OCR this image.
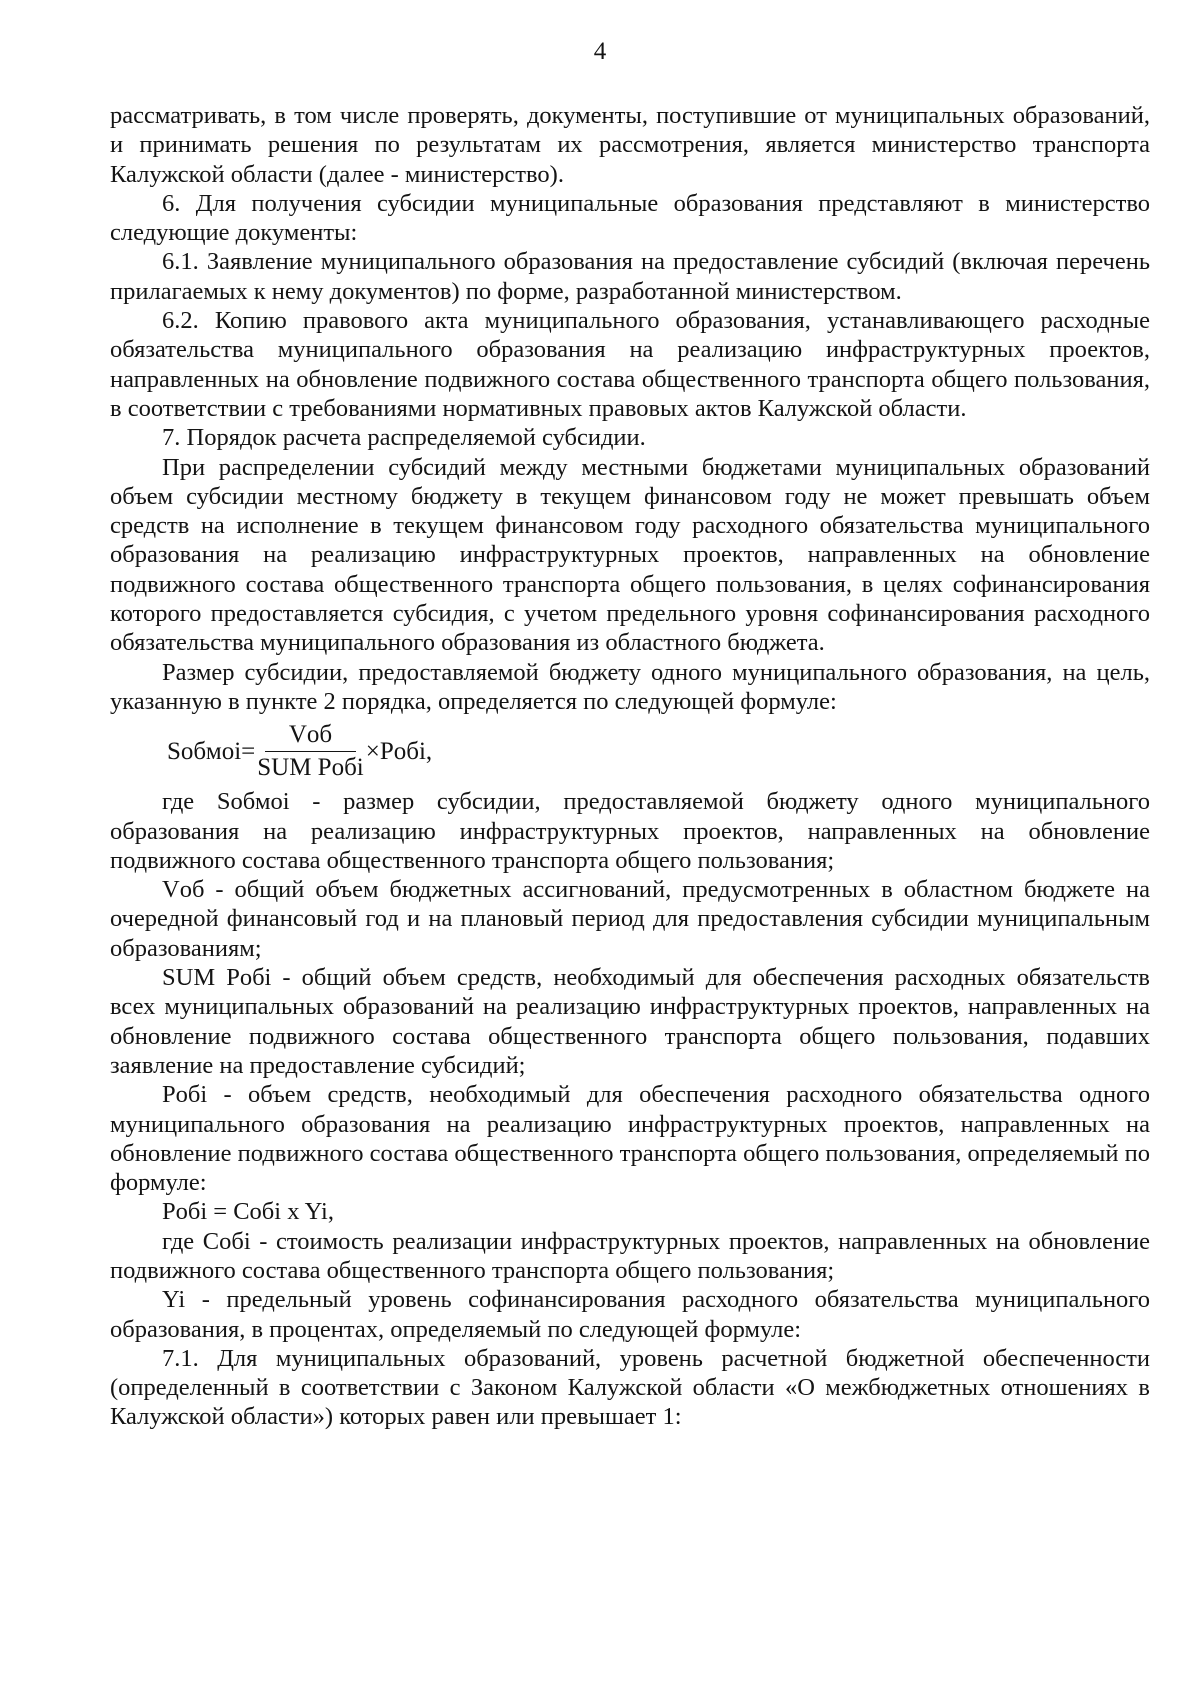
4

рассматривать, в том числе проверять, документы, поступившие от муниципальных образований, и принимать решения по результатам их рассмотрения, является министерство транспорта Калужской области (далее - министерство).

6. Для получения субсидии муниципальные образования представляют в министерство следующие документы:

6.1. Заявление муниципального образования на предоставление субсидий (включая перечень прилагаемых к нему документов) по форме, разработанной министерством.

6.2. Копию правового акта муниципального образования, устанавливающего расходные обязательства муниципального образования на реализацию инфраструктурных проектов, направленных на обновление подвижного состава общественного транспорта общего пользования, в соответствии с требованиями нормативных правовых актов Калужской области.

7. Порядок расчета распределяемой субсидии.

При распределении субсидий между местными бюджетами муниципальных образований объем субсидии местному бюджету в текущем финансовом году не может превышать объем средств на исполнение в текущем финансовом году расходного обязательства муниципального образования на реализацию инфраструктурных проектов, направленных на обновление подвижного состава общественного транспорта общего пользования, в целях софинансирования которого предоставляется субсидия, с учетом предельного уровня софинансирования расходного обязательства муниципального образования из областного бюджета.

Размер субсидии, предоставляемой бюджету одного муниципального образования, на цель, указанную в пункте 2 порядка, определяется по следующей формуле:

Sобмоi= $\frac{\text{Vоб}}{\text{SUM Pобi}}$ ×Pобi,

где Sобмоi - размер субсидии, предоставляемой бюджету одного муниципального образования на реализацию инфраструктурных проектов, направленных на обновление подвижного состава общественного транспорта общего пользования;

Vоб - общий объем бюджетных ассигнований, предусмотренных в областном бюджете на очередной финансовый год и на плановый период для предоставления субсидии муниципальным образованиям;

SUM Pобi - общий объем средств, необходимый для обеспечения расходных обязательств всех муниципальных образований на реализацию инфраструктурных проектов, направленных на обновление подвижного состава общественного транспорта общего пользования, подавших заявление на предоставление субсидий;

Pобi - объем средств, необходимый для обеспечения расходного обязательства одного муниципального образования на реализацию инфраструктурных проектов, направленных на обновление подвижного состава общественного транспорта общего пользования, определяемый по формуле:

Pобi = Cобi x Yi,

где Cобi - стоимость реализации инфраструктурных проектов, направленных на обновление подвижного состава общественного транспорта общего пользования;

Yi - предельный уровень софинансирования расходного обязательства муниципального образования, в процентах, определяемый по следующей формуле:

7.1. Для муниципальных образований, уровень расчетной бюджетной обеспеченности (определенный в соответствии с Законом Калужской области «О межбюджетных отношениях в Калужской области») которых равен или превышает 1:
